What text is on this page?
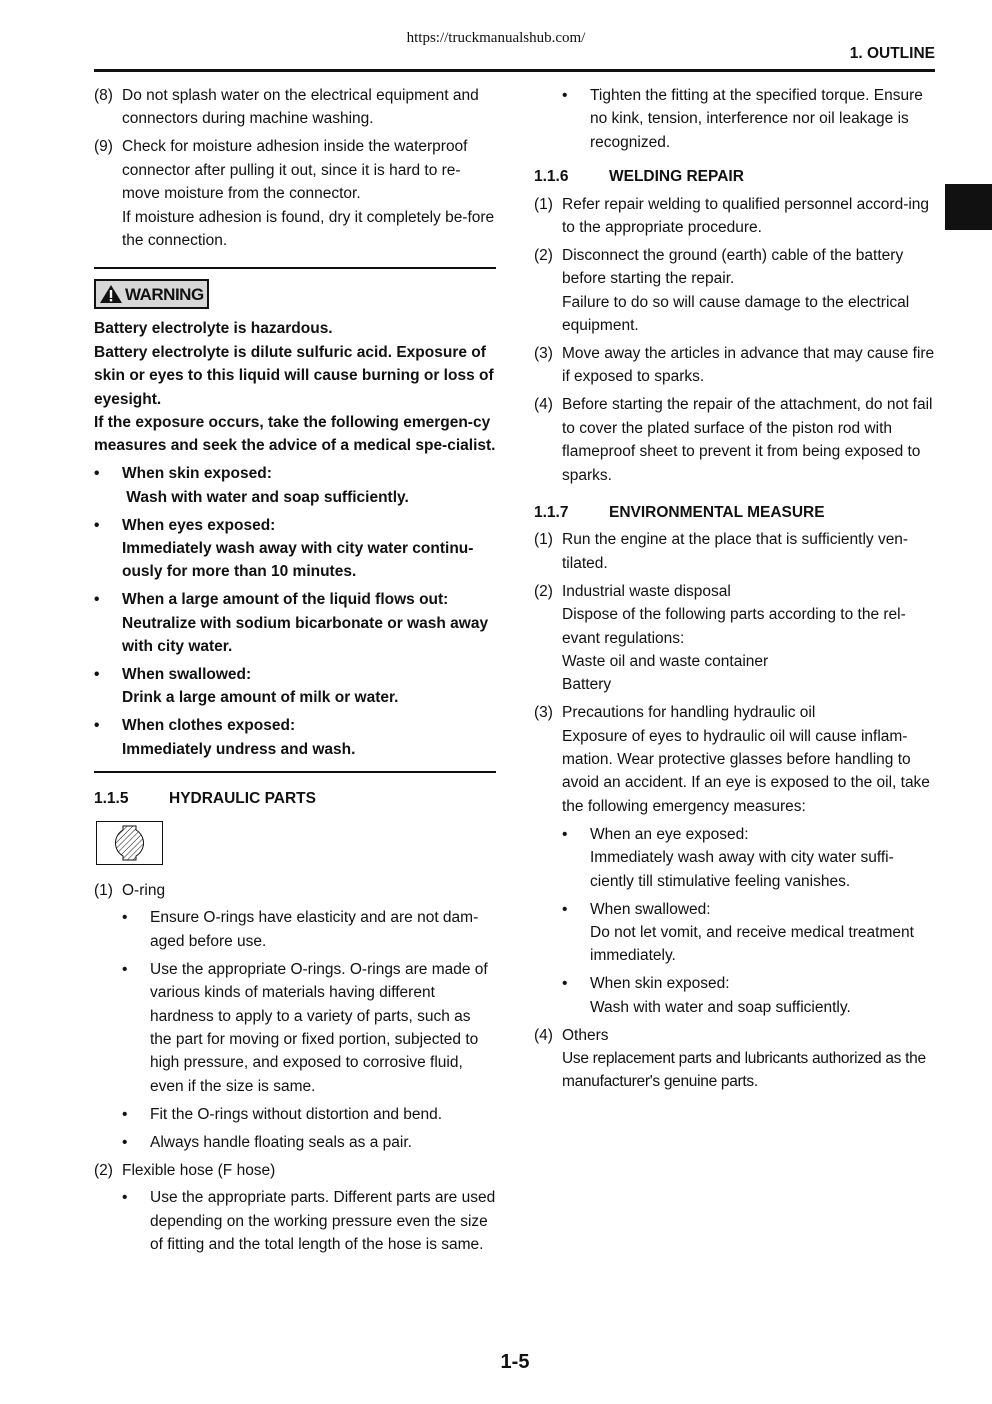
https://truckmanualshub.com/
1. OUTLINE
(8) Do not splash water on the electrical equipment and connectors during machine washing.
(9) Check for moisture adhesion inside the waterproof connector after pulling it out, since it is hard to re-move moisture from the connector.
If moisture adhesion is found, dry it completely be-fore the connection.
WARNING
Battery electrolyte is hazardous.
Battery electrolyte is dilute sulfuric acid. Exposure of skin or eyes to this liquid will cause burning or loss of eyesight.
If the exposure occurs, take the following emergen-cy measures and seek the advice of a medical spe-cialist.
•	When skin exposed:
Wash with water and soap sufficiently.
•	When eyes exposed:
Immediately wash away with city water continu-ously for more than 10 minutes.
•	When a large amount of the liquid flows out:
Neutralize with sodium bicarbonate or wash away with city water.
•	When swallowed:
Drink a large amount of milk or water.
•	When clothes exposed:
Immediately undress and wash.
1.1.5	HYDRAULIC PARTS
(1) O-ring
•	Ensure O-rings have elasticity and are not dam-aged before use.
•	Use the appropriate O-rings. O-rings are made of various kinds of materials having different hardness to apply to a variety of parts, such as the part for moving or fixed portion, subjected to high pressure, and exposed to corrosive fluid, even if the size is same.
•	Fit the O-rings without distortion and bend.
•	Always handle floating seals as a pair.
(2) Flexible hose (F hose)
•	Use the appropriate parts. Different parts are used depending on the working pressure even the size of fitting and the total length of the hose is same.
•	Tighten the fitting at the specified torque. Ensure no kink, tension, interference nor oil leakage is recognized.
1.1.6	WELDING REPAIR
(1) Refer repair welding to qualified personnel accord-ing to the appropriate procedure.
(2) Disconnect the ground (earth) cable of the battery before starting the repair.
Failure to do so will cause damage to the electrical equipment.
(3) Move away the articles in advance that may cause fire if exposed to sparks.
(4) Before starting the repair of the attachment, do not fail to cover the plated surface of the piston rod with flameproof sheet to prevent it from being exposed to sparks.
1.1.7	ENVIRONMENTAL MEASURE
(1) Run the engine at the place that is sufficiently ven-tilated.
(2) Industrial waste disposal
Dispose of the following parts according to the rel-evant regulations:
Waste oil and waste container
Battery
(3) Precautions for handling hydraulic oil
Exposure of eyes to hydraulic oil will cause inflam-mation. Wear protective glasses before handling to avoid an accident. If an eye is exposed to the oil, take the following emergency measures:
•	When an eye exposed:
Immediately wash away with city water suffi-ciently till stimulative feeling vanishes.
•	When swallowed:
Do not let vomit, and receive medical treatment immediately.
•	When skin exposed:
Wash with water and soap sufficiently.
(4) Others
Use replacement parts and lubricants authorized as the manufacturer's genuine parts.
1-5
